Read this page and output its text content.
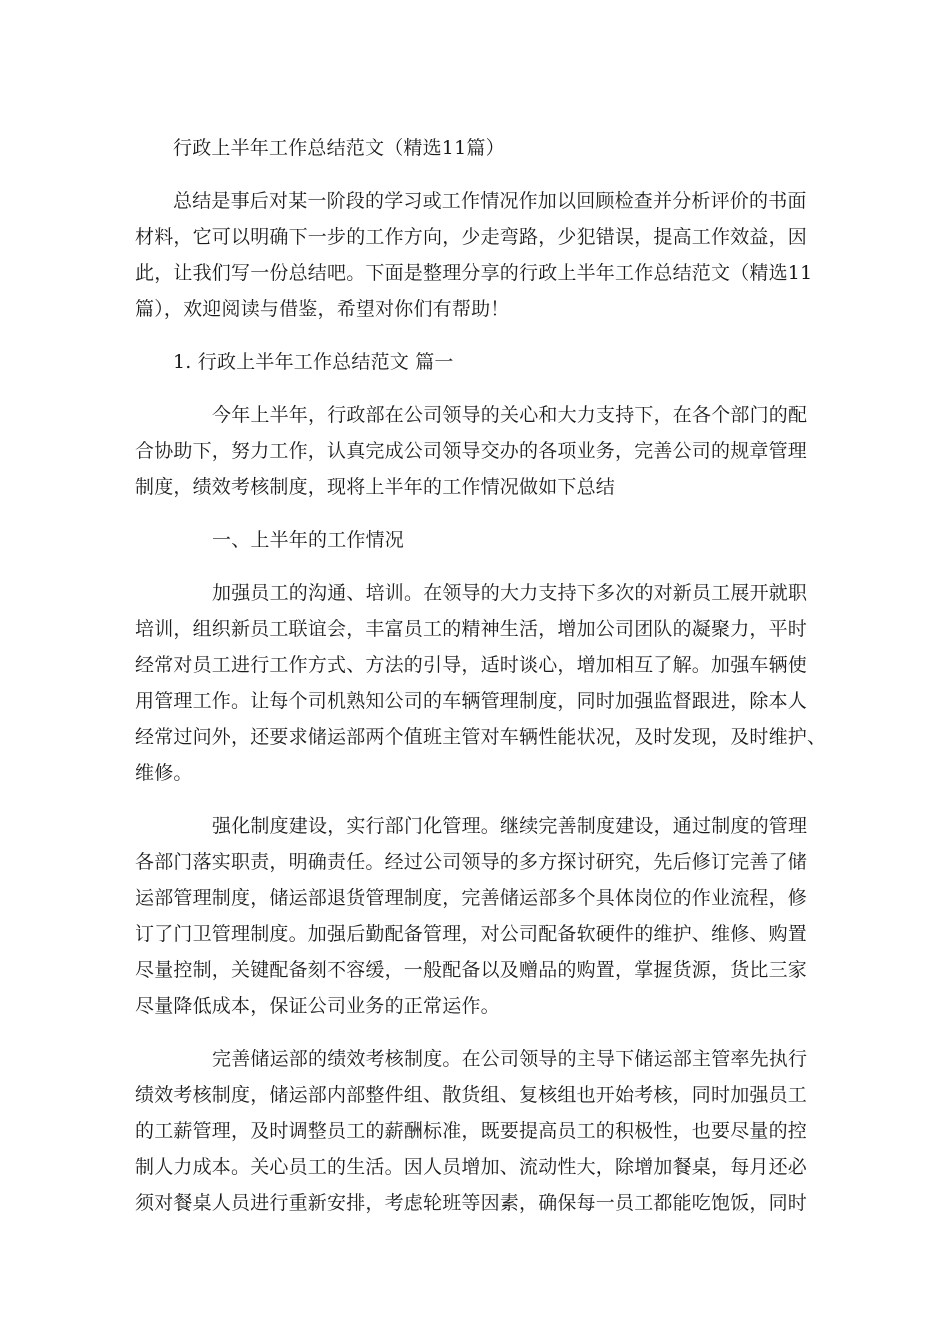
行政上半年工作总结范文（精选11篇）
总结是事后对某一阶段的学习或工作情况作加以回顾检查并分析评价的书面
材料，它可以明确下一步的工作方向，少走弯路，少犯错误，提高工作效益，因
此，让我们写一份总结吧。下面是整理分享的行政上半年工作总结范文（精选11
篇），欢迎阅读与借鉴，希望对你们有帮助！
1. 行政上半年工作总结范文 篇一
今年上半年，行政部在公司领导的关心和大力支持下，在各个部门的配
合协助下，努力工作，认真完成公司领导交办的各项业务，完善公司的规章管理
制度，绩效考核制度，现将上半年的工作情况做如下总结
一、上半年的工作情况
加强员工的沟通、培训。在领导的大力支持下多次的对新员工展开就职
培训，组织新员工联谊会，丰富员工的精神生活，增加公司团队的凝聚力，平时
经常对员工进行工作方式、方法的引导，适时谈心，增加相互了解。加强车辆使
用管理工作。让每个司机熟知公司的车辆管理制度，同时加强监督跟进，除本人
经常过问外，还要求储运部两个值班主管对车辆性能状况，及时发现，及时维护、
维修。
强化制度建设，实行部门化管理。继续完善制度建设，通过制度的管理
各部门落实职责，明确责任。经过公司领导的多方探讨研究，先后修订完善了储
运部管理制度，储运部退货管理制度，完善储运部多个具体岗位的作业流程，修
订了门卫管理制度。加强后勤配备管理，对公司配备软硬件的维护、维修、购置
尽量控制，关键配备刻不容缓，一般配备以及赠品的购置，掌握货源，货比三家
尽量降低成本，保证公司业务的正常运作。
完善储运部的绩效考核制度。在公司领导的主导下储运部主管率先执行
绩效考核制度，储运部内部整件组、散货组、复核组也开始考核，同时加强员工
的工薪管理，及时调整员工的薪酬标准，既要提高员工的积极性，也要尽量的控
制人力成本。关心员工的生活。因人员增加、流动性大，除增加餐桌，每月还必
须对餐桌人员进行重新安排，考虑轮班等因素，确保每一员工都能吃饱饭，同时
